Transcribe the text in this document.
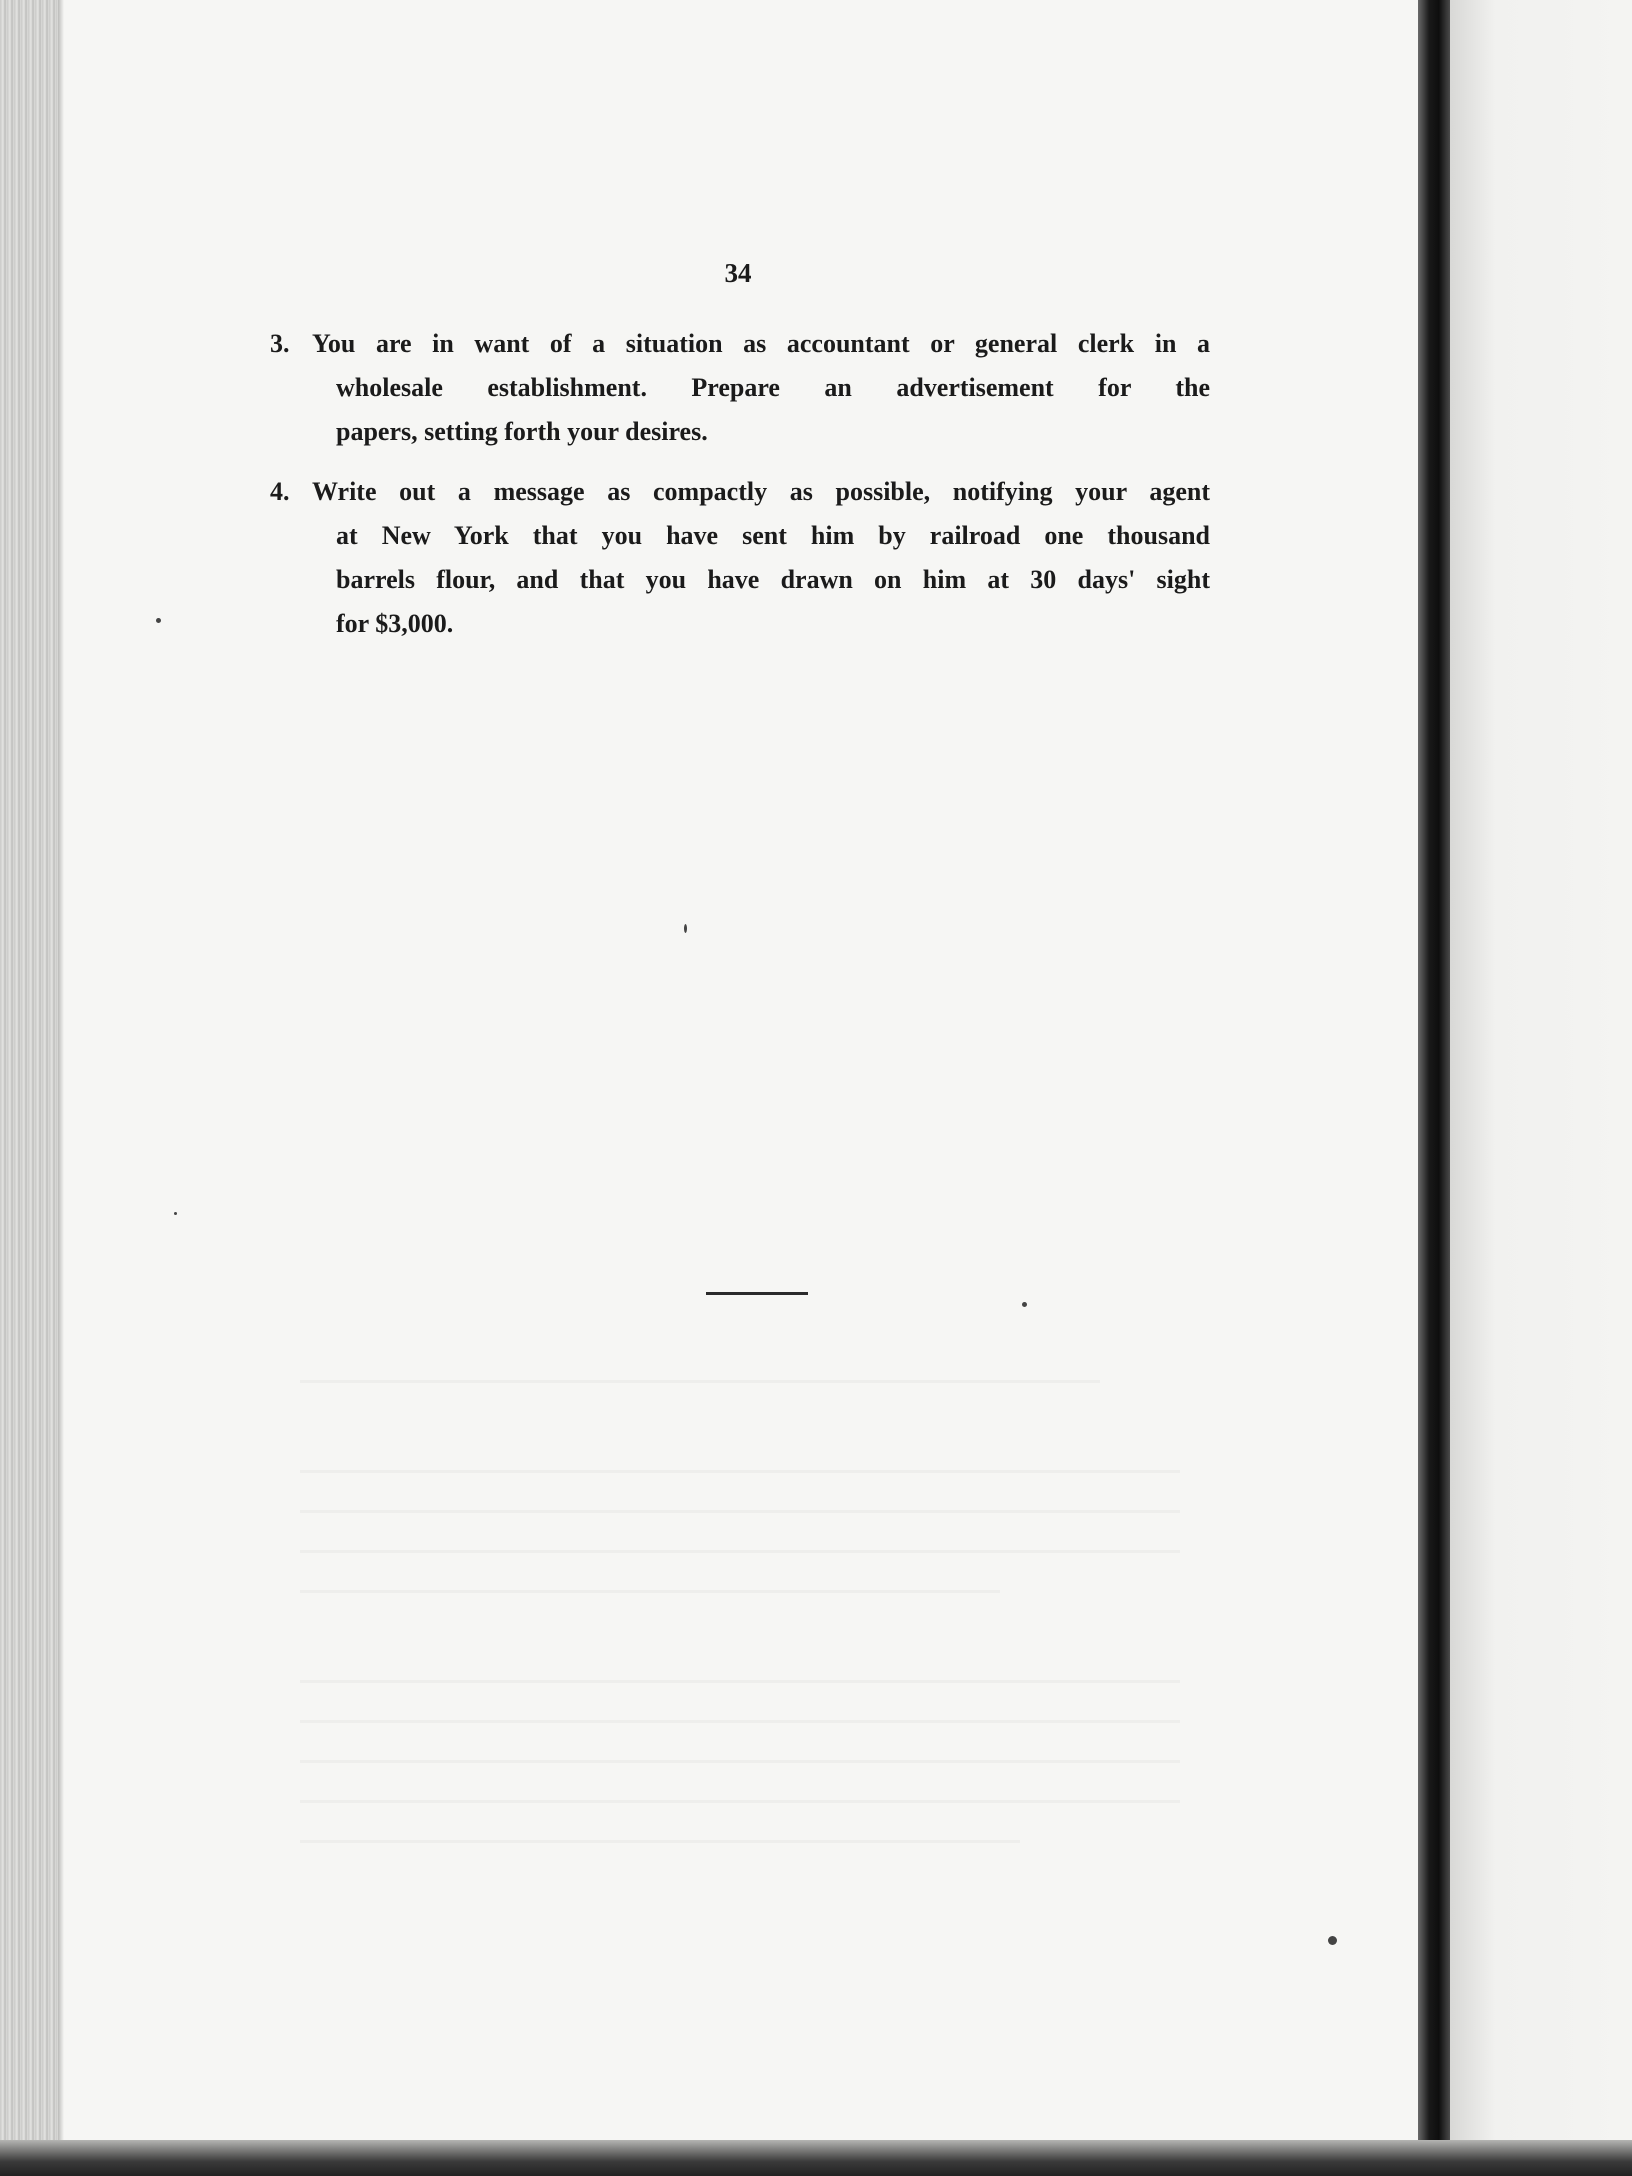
34
3. You are in want of a situation as accountant or general clerk in a
wholesale establishment. Prepare an advertisement for the
papers, setting forth your desires.
4. Write out a message as compactly as possible, notifying your agent
at New York that you have sent him by railroad one thousand
barrels flour, and that you have drawn on him at 30 days' sight
for $3,000.
